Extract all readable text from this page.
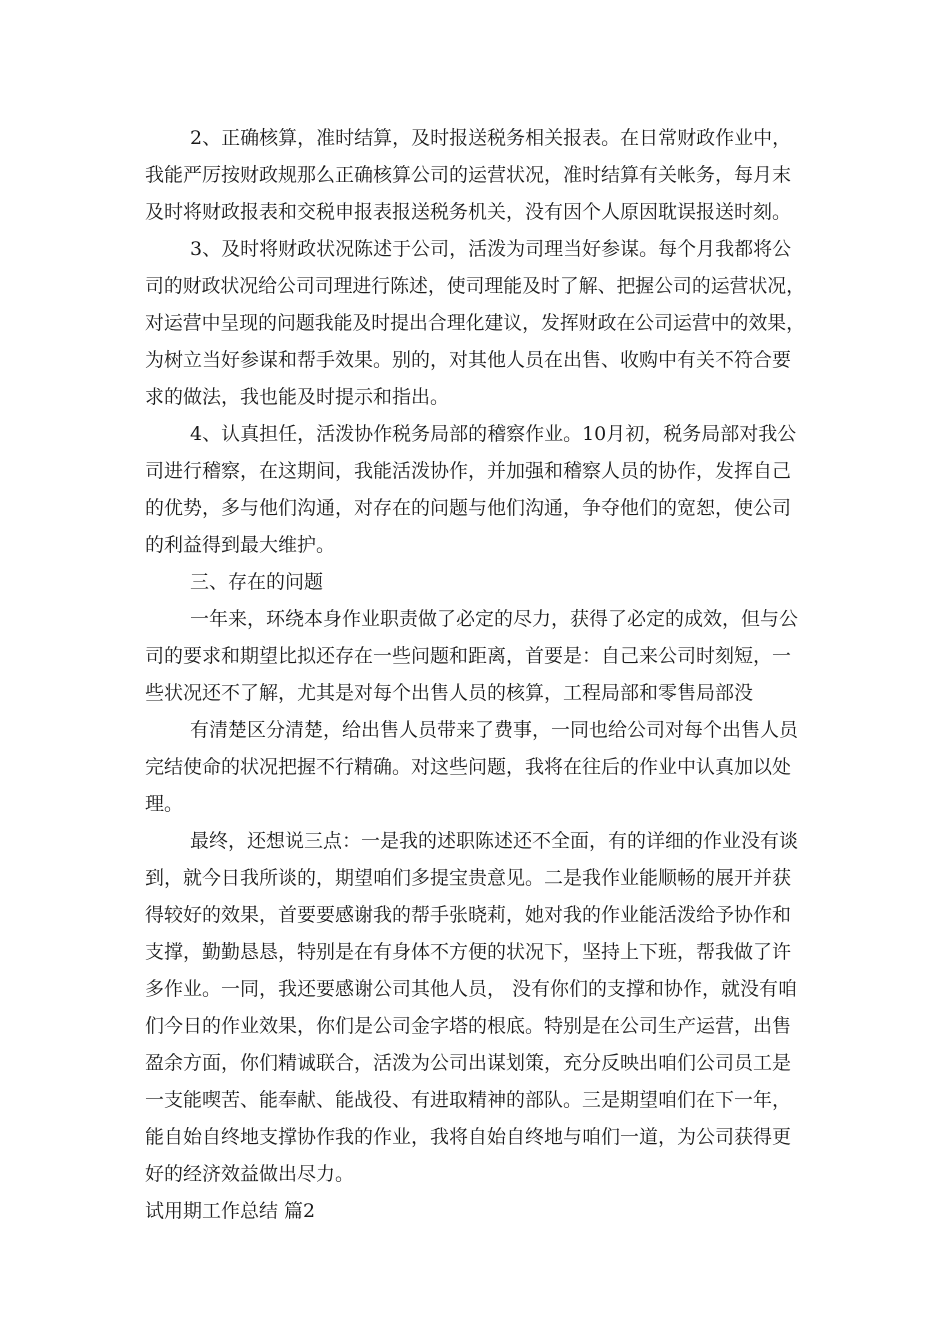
2、正确核算，准时结算，及时报送税务相关报表。在日常财政作业中，

我能严厉按财政规那么正确核算公司的运营状况，准时结算有关帐务，每月末

及时将财政报表和交税申报表报送税务机关，没有因个人原因耽误报送时刻。

3、及时将财政状况陈述于公司，活泼为司理当好参谋。每个月我都将公

司的财政状况给公司司理进行陈述，使司理能及时了解、把握公司的运营状况，

对运营中呈现的问题我能及时提出合理化建议，发挥财政在公司运营中的效果，

为树立当好参谋和帮手效果。别的，对其他人员在出售、收购中有关不符合要

求的做法，我也能及时提示和指出。

4、认真担任，活泼协作税务局部的稽察作业。10月初，税务局部对我公

司进行稽察，在这期间，我能活泼协作，并加强和稽察人员的协作，发挥自己

的优势，多与他们沟通，对存在的问题与他们沟通，争夺他们的宽恕，使公司

的利益得到最大维护。

三、存在的问题

一年来，环绕本身作业职责做了必定的尽力，获得了必定的成效，但与公

司的要求和期望比拟还存在一些问题和距离，首要是：自己来公司时刻短，一

些状况还不了解，尤其是对每个出售人员的核算，工程局部和零售局部没

有清楚区分清楚，给出售人员带来了费事，一同也给公司对每个出售人员

完结使命的状况把握不行精确。对这些问题，我将在往后的作业中认真加以处

理。

最终，还想说三点：一是我的述职陈述还不全面，有的详细的作业没有谈

到，就今日我所谈的，期望咱们多提宝贵意见。二是我作业能顺畅的展开并获

得较好的效果，首要要感谢我的帮手张晓莉，她对我的作业能活泼给予协作和

支撑，勤勤恳恳，特别是在有身体不方便的状况下，坚持上下班，帮我做了许

多作业。一同，我还要感谢公司其他人员， 没有你们的支撑和协作，就没有咱

们今日的作业效果，你们是公司金字塔的根底。特别是在公司生产运营，出售

盈余方面，你们精诚联合，活泼为公司出谋划策，充分反映出咱们公司员工是

一支能喫苦、能奉献、能战役、有进取精神的部队。三是期望咱们在下一年，

能自始自终地支撑协作我的作业，我将自始自终地与咱们一道，为公司获得更

好的经济效益做出尽力。

试用期工作总结 篇2
